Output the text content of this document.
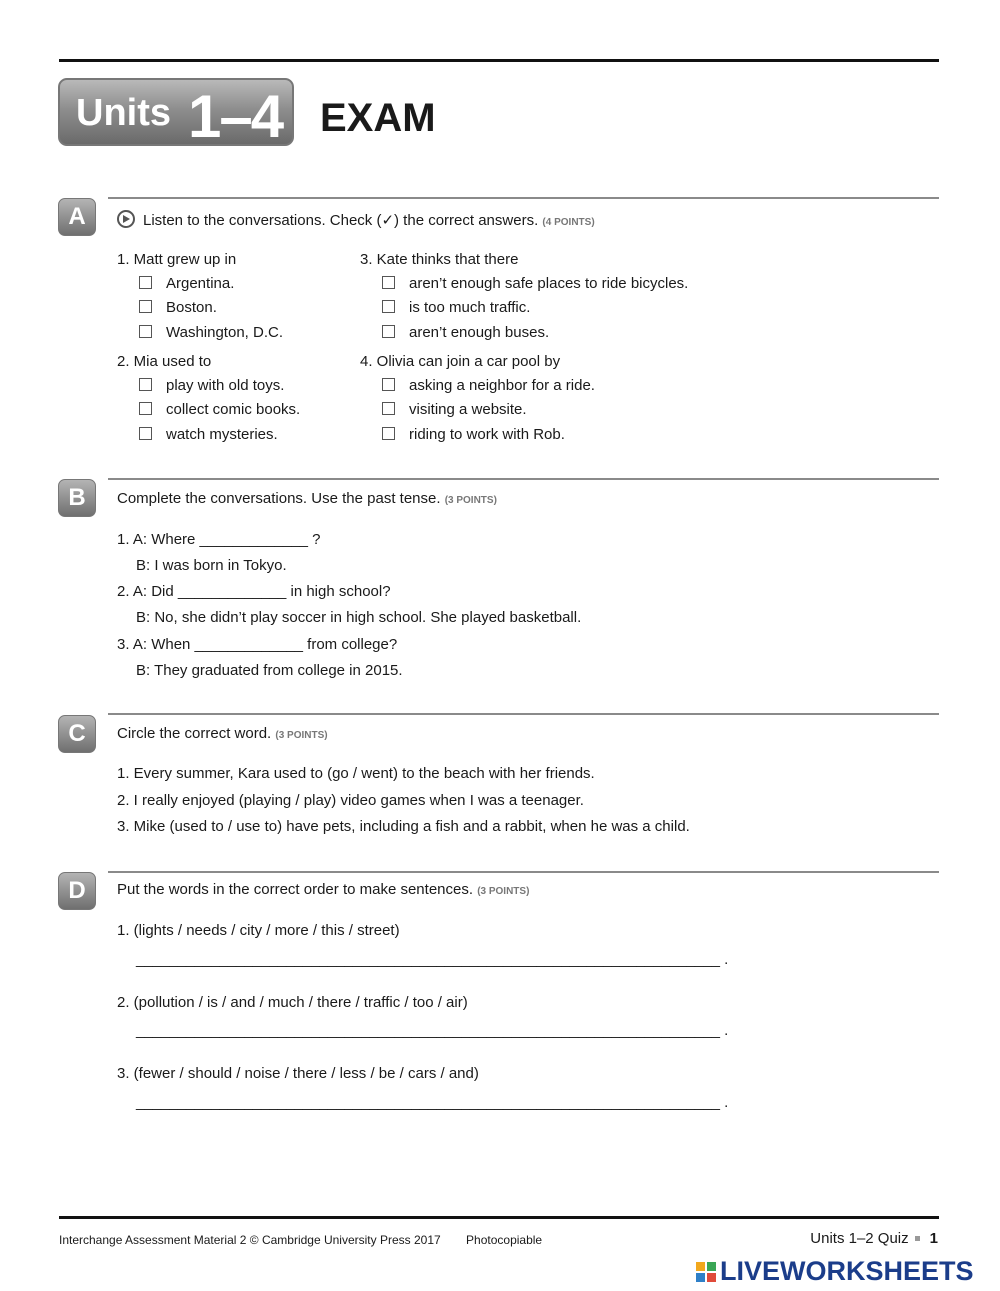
Units 1–4 EXAM
A	Listen to the conversations. Check (✓) the correct answers. (4 POINTS)
1. Matt grew up in
Argentina.
Boston.
Washington, D.C.
2. Mia used to
play with old toys.
collect comic books.
watch mysteries.
3. Kate thinks that there
aren’t enough safe places to ride bicycles.
is too much traffic.
aren’t enough buses.
4. Olivia can join a car pool by
asking a neighbor for a ride.
visiting a website.
riding to work with Rob.
B	Complete the conversations. Use the past tense. (3 POINTS)
1. A: Where _____________ ?
B: I was born in Tokyo.
2. A: Did _____________ in high school?
B: No, she didn’t play soccer in high school. She played basketball.
3. A: When _____________ from college?
B: They graduated from college in 2015.
C	Circle the correct word. (3 POINTS)
1. Every summer, Kara used to (go / went) to the beach with her friends.
2. I really enjoyed (playing / play) video games when I was a teenager.
3. Mike (used to / use to) have pets, including a fish and a rabbit, when he was a child.
D	Put the words in the correct order to make sentences. (3 POINTS)
1. (lights / needs / city / more / this / street)
______________________________________________________________________ .
2. (pollution / is / and / much / there / traffic / too / air)
______________________________________________________________________ .
3. (fewer / should / noise / there / less / be / cars / and)
______________________________________________________________________ .
Interchange Assessment Material 2 © Cambridge University Press 2017 Photocopiable	Units 1–2 Quiz 1
LIVEWORKSHEETS
